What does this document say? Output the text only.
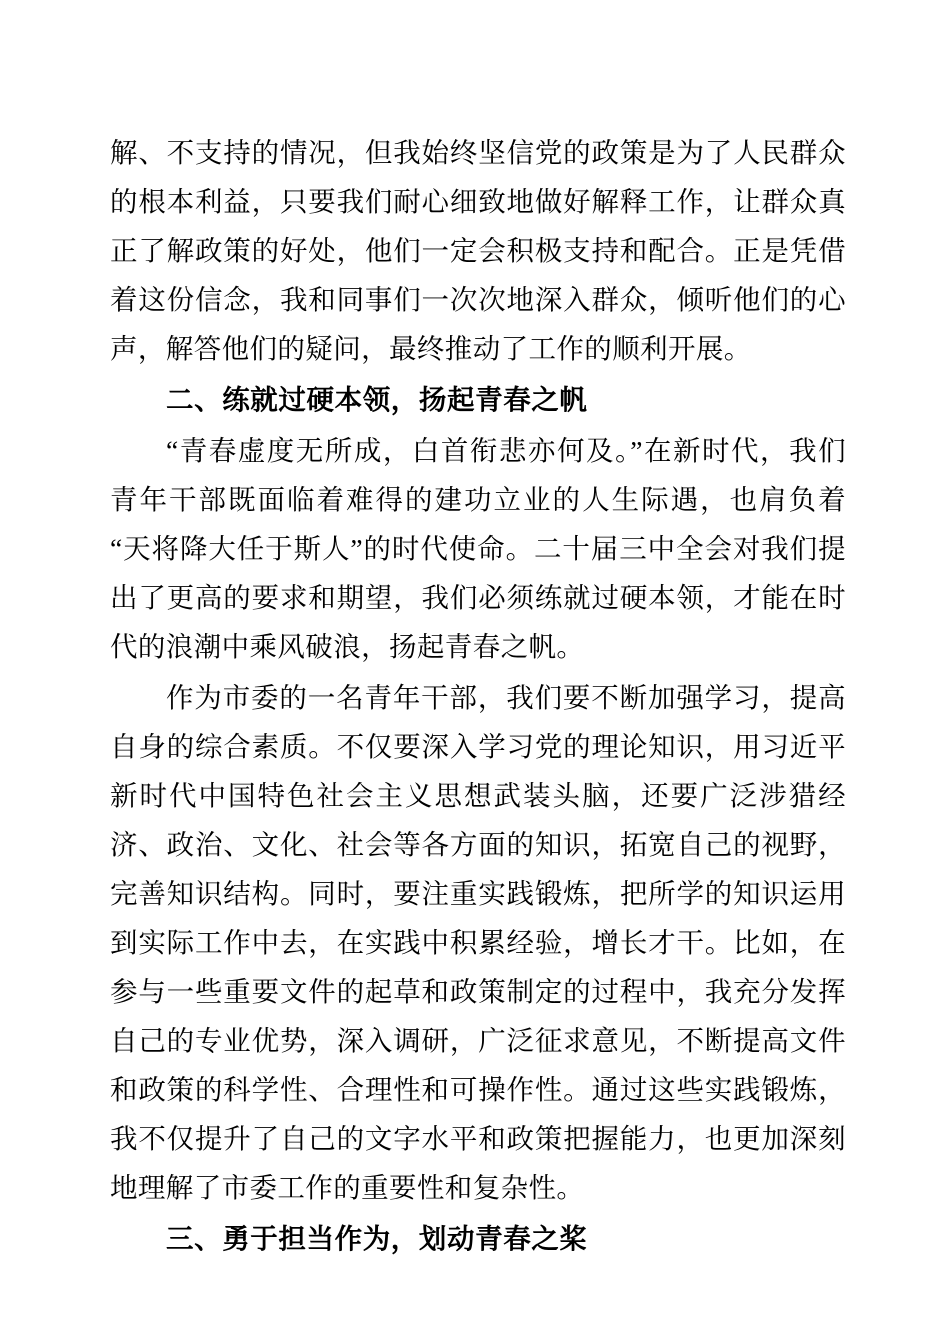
解、不支持的情况，但我始终坚信党的政策是为了人民群众的根本利益，只要我们耐心细致地做好解释工作，让群众真正了解政策的好处，他们一定会积极支持和配合。正是凭借着这份信念，我和同事们一次次地深入群众，倾听他们的心声，解答他们的疑问，最终推动了工作的顺利开展。

二、练就过硬本领，扬起青春之帆

“青春虚度无所成，白首衔悲亦何及。”在新时代，我们青年干部既面临着难得的建功立业的人生际遇，也肩负着“天将降大任于斯人”的时代使命。二十届三中全会对我们提出了更高的要求和期望，我们必须练就过硬本领，才能在时代的浪潮中乘风破浪，扬起青春之帆。

作为市委的一名青年干部，我们要不断加强学习，提高自身的综合素质。不仅要深入学习党的理论知识，用习近平新时代中国特色社会主义思想武装头脑，还要广泛涉猎经济、政治、文化、社会等各方面的知识，拓宽自己的视野，完善知识结构。同时，要注重实践锻炼，把所学的知识运用到实际工作中去，在实践中积累经验，增长才干。比如，在参与一些重要文件的起草和政策制定的过程中，我充分发挥自己的专业优势，深入调研，广泛征求意见，不断提高文件和政策的科学性、合理性和可操作性。通过这些实践锻炼，我不仅提升了自己的文字水平和政策把握能力，也更加深刻地理解了市委工作的重要性和复杂性。

三、勇于担当作为，划动青春之桨
